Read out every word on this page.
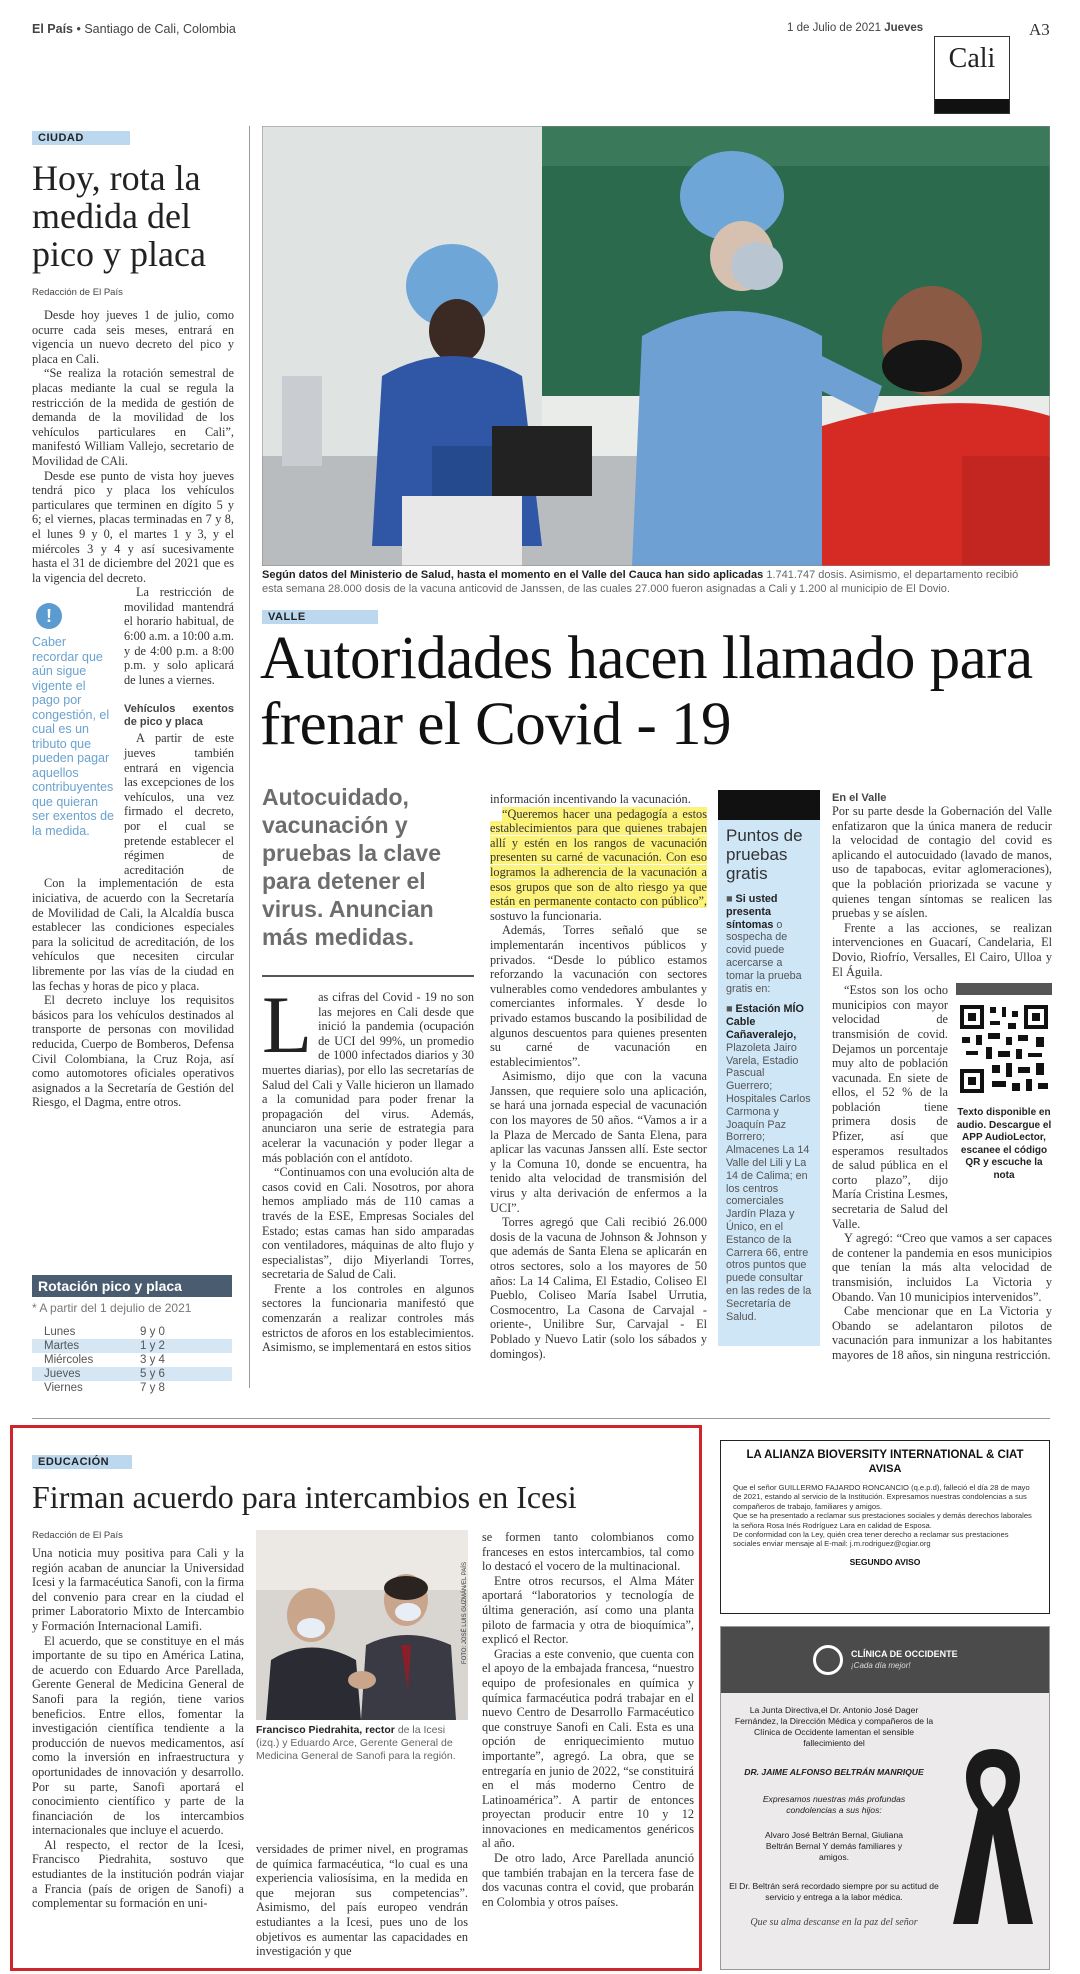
El País • Santiago de Cali, Colombia	1 de Julio de 2021 Jueves	A3
Cali
CIUDAD
Hoy, rota la medida del pico y placa
Redacción de El País

Desde hoy jueves 1 de julio, como ocurre cada seis meses, entrará en vigencia un nuevo decreto del pico y placa en Cali.

“Se realiza la rotación semestral de placas mediante la cual se regula la restricción de la medida de gestión de demanda de la movilidad de los vehículos particulares en Cali”, manifestó William Vallejo, secretario de Movilidad de CAli.

Desde ese punto de vista hoy jueves tendrá pico y placa los vehículos particulares que terminen en dígito 5 y 6; el viernes, placas terminadas en 7 y 8, el lunes 9 y 0, el martes 1 y 3, y el miércoles 3 y 4 y así sucesivamente hasta el 31 de diciembre del 2021 que es la vigencia del decreto.

!
Caber recordar que aún sigue vigente el pago por congestión, el cual es un tributo que pueden pagar aquellos contribuyentes que quieran ser exentos de la medida.

La restricción de movilidad mantendrá el horario habitual, de 6:00 a.m. a 10:00 a.m. y de 4:00 p.m. a 8:00 p.m. y solo aplicará de lunes a viernes.

Vehículos exentos de pico y placa

A partir de este jueves también entrará en vigencia las excepciones de los vehículos, una vez firmado el decreto, por el cual se pretende establecer el régimen de acreditación de

Con la implementación de esta iniciativa, de acuerdo con la Secretaría de Movilidad de Cali, la Alcaldía busca establecer las condiciones especiales para la solicitud de acreditación, de los vehículos que necesiten circular libremente por las vías de la ciudad en las fechas y horas de pico y placa.

El decreto incluye los requisitos básicos para los vehículos destinados al transporte de personas con movilidad reducida, Cuerpo de Bomberos, Defensa Civil Colombiana, la Cruz Roja, así como automotores oficiales operativos asignados a la Secretaría de Gestión del Riesgo, el Dagma, entre otros.

Rotación pico y placa
* A partir del 1 dejulio de 2021
Lunes	9 y 0
Martes	1 y 2
Miércoles	3 y 4
Jueves	5 y 6
Viernes	7 y 8
Según datos del Ministerio de Salud, hasta el momento en el Valle del Cauca han sido aplicadas 1.741.747 dosis. Asimismo, el departamento recibió esta semana 28.000 dosis de la vacuna anticovid de Janssen, de las cuales 27.000 fueron asignadas a Cali y 1.200 al municipio de El Dovio.
VALLE
Autoridades hacen llamado para frenar el Covid - 19
Autocuidado, vacunación y pruebas la clave para detener el virus. Anuncian más medidas.
L as cifras del Covid - 19 no son las mejores en Cali desde que inició la pandemia (ocupación de UCI del 99%, un promedio de 1000 infectados diarios y 30 muertes diarias), por ello las secretarías de Salud del Cali y Valle hicieron un llamado a la comunidad para poder frenar la propagación del virus. Además, anunciaron una serie de estrategia para acelerar la vacunación y poder llegar a más población con el antídoto.

“Continuamos con una evolución alta de casos covid en Cali. Nosotros, por ahora hemos ampliado más de 110 camas a través de la ESE, Empresas Sociales del Estado; estas camas han sido amparadas con ventiladores, máquinas de alto flujo y especialistas”, dijo Miyerlandi Torres, secretaria de Salud de Cali.

Frente a los controles en algunos sectores la funcionaria manifestó que comenzarán a realizar controles más estrictos de aforos en los establecimientos. Asimismo, se implementará en estos sitios

información incentivando la vacunación.

“Queremos hacer una pedagogía a estos establecimientos para que quienes trabajen allí y estén en los rangos de vacunación presenten su carné de vacunación. Con eso logramos la adherencia de la vacunación a esos grupos que son de alto riesgo ya que están en permanente contacto con público”, sostuvo la funcionaria.

Además, Torres señaló que se implementarán incentivos públicos y privados. “Desde lo público estamos reforzando la vacunación con sectores vulnerables como vendedores ambulantes y comerciantes informales. Y desde lo privado estamos buscando la posibilidad de algunos descuentos para quienes presenten su carné de vacunación en establecimientos”.

Asimismo, dijo que con la vacuna Janssen, que requiere solo una aplicación, se hará una jornada especial de vacunación con los mayores de 50 años. “Vamos a ir a la Plaza de Mercado de Santa Elena, para aplicar las vacunas Janssen allí. Este sector y la Comuna 10, donde se encuentra, ha tenido alta velocidad de transmisión del virus y alta derivación de enfermos a la UCI”.

Torres agregó que Cali recibió 26.000 dosis de la vacuna de Johnson & Johnson y que además de Santa Elena se aplicarán en otros sectores, solo a los mayores de 50 años: La 14 Calima, El Estadio, Coliseo El Pueblo, Coliseo María Isabel Urrutia, Cosmocentro, La Casona de Carvajal -oriente-, Unilibre Sur, Carvajal - El Poblado y Nuevo Latir (solo los sábados y domingos).

Puntos de pruebas gratis
■ Si usted presenta síntomas o sospecha de covid puede acercarse a tomar la prueba gratis en:
■ Estación MÍO Cable Cañaveralejo, Plazoleta Jairo Varela, Estadio Pascual Guerrero; Hospitales Carlos Carmona y Joaquín Paz Borrero; Almacenes La 14 Valle del Lili y La 14 de Calima; en los centros comerciales Jardín Plaza y Único, en el Estanco de la Carrera 66, entre otros puntos que puede consultar en las redes de la Secretaría de Salud.
En el Valle
Por su parte desde la Gobernación del Valle enfatizaron que la única manera de reducir la velocidad de contagio del covid es aplicando el autocuidado (lavado de manos, uso de tapabocas, evitar aglomeraciones), que la población priorizada se vacune y quienes tengan síntomas se realicen las pruebas y se aíslen.

Frente a las acciones, se realizan intervenciones en Guacarí, Candelaria, El Dovio, Riofrío, Versalles, El Cairo, Ulloa y El Águila.

Texto disponible en audio. Descargue el APP AudioLector, escanee el código QR y escuche la nota

“Estos son los ocho municipios con mayor velocidad de transmisión de covid. Dejamos un porcentaje muy alto de población vacunada. En siete de ellos, el 52 % de la población tiene primera dosis de Pfizer, así que esperamos resultados de salud pública en el corto plazo”, dijo María Cristina Lesmes, secretaria de Salud del Valle.

Y agregó: “Creo que vamos a ser capaces de contener la pandemia en esos municipios que tenían la más alta velocidad de transmisión, incluidos La Victoria y Obando. Van 10 municipios intervenidos”.

Cabe mencionar que en La Victoria y Obando se adelantaron pilotos de vacunación para inmunizar a los habitantes mayores de 18 años, sin ninguna restricción.

EDUCACIÓN
Firman acuerdo para intercambios en Icesi
Redacción de El País
Una noticia muy positiva para Cali y la región acaban de anunciar la Universidad Icesi y la farmacéutica Sanofi, con la firma del convenio para crear en la ciudad el primer Laboratorio Mixto de Intercambio y Formación Internacional Lamifi.

El acuerdo, que se constituye en el más importante de su tipo en América Latina, de acuerdo con Eduardo Arce Parellada, Gerente General de Medicina General de Sanofi para la región, tiene varios beneficios. Entre ellos, fomentar la investigación científica tendiente a la producción de nuevos medicamentos, así como la inversión en infraestructura y oportunidades de innovación y desarrollo. Por su parte, Sanofi aportará el conocimiento científico y parte de la financiación de los intercambios internacionales que incluye el acuerdo.

Al respecto, el rector de la Icesi, Francisco Piedrahita, sostuvo que estudiantes de la institución podrán viajar a Francia (país de origen de Sanofi) a complementar su formación en uni-

FOTO: JOSÉ LUIS GUZMÁN/EL PAÍS
Francisco Piedrahita, rector de la Icesi (izq.) y Eduardo Arce, Gerente General de Medicina General de Sanofi para la región.
versidades de primer nivel, en programas de química farmacéutica, “lo cual es una experiencia valiosísima, en la medida en que mejoran sus competencias”. Asimismo, del país europeo vendrán estudiantes a la Icesi, pues uno de los objetivos es aumentar las capacidades en investigación y que
se formen tanto colombianos como franceses en estos intercambios, tal como lo destacó el vocero de la multinacional.

Entre otros recursos, el Alma Máter aportará “laboratorios y tecnología de última generación, así como una planta piloto de farmacia y otra de bioquímica”, explicó el Rector.

Gracias a este convenio, que cuenta con el apoyo de la embajada francesa, “nuestro equipo de profesionales en química y química farmacéutica podrá trabajar en el nuevo Centro de Desarrollo Farmacéutico que construye Sanofi en Cali. Esta es una opción de enriquecimiento mutuo importante”, agregó. La obra, que se entregaría en junio de 2022, “se constituirá en el más moderno Centro de Latinoamérica”. A partir de entonces proyectan producir entre 10 y 12 innovaciones en medicamentos genéricos al año.

De otro lado, Arce Parellada anunció que también trabajan en la tercera fase de dos vacunas contra el covid, que probarán en Colombia y otros países.

LA ALIANZA BIOVERSITY INTERNATIONAL & CIAT
AVISA
Que el señor GUILLERMO FAJARDO RONCANCIO (q.e.p.d), falleció el día 28 de mayo de 2021, estando al servicio de la Institución. Expresamos nuestras condolencias a sus compañeros de trabajo, familiares y amigos.
Que se ha presentado a reclamar sus prestaciones sociales y demás derechos laborales la señora Rosa Inés Rodríguez Lara en calidad de Esposa.
De conformidad con la Ley, quién crea tener derecho a reclamar sus prestaciones sociales enviar mensaje al E-mail: j.m.rodriguez@cgiar.org
SEGUNDO AVISO
CLÍNICA DE OCCIDENTE
¡Cada día mejor!
La Junta Directiva,el Dr. Antonio José Dager Fernández, la Dirección Médica y compañeros de la Clínica de Occidente lamentan el sensible fallecimiento del
DR. JAIME ALFONSO BELTRÁN MANRIQUE
Expresamos nuestras más profundas condolencias a sus hijos:
Alvaro José Beltrán Bernal, Giuliana Beltrán Bernal Y demás familiares y amigos.
El Dr. Beltrán será recordado siempre por su actitud de servicio y entrega a la labor médica.
Que su alma descanse en la paz del señor
